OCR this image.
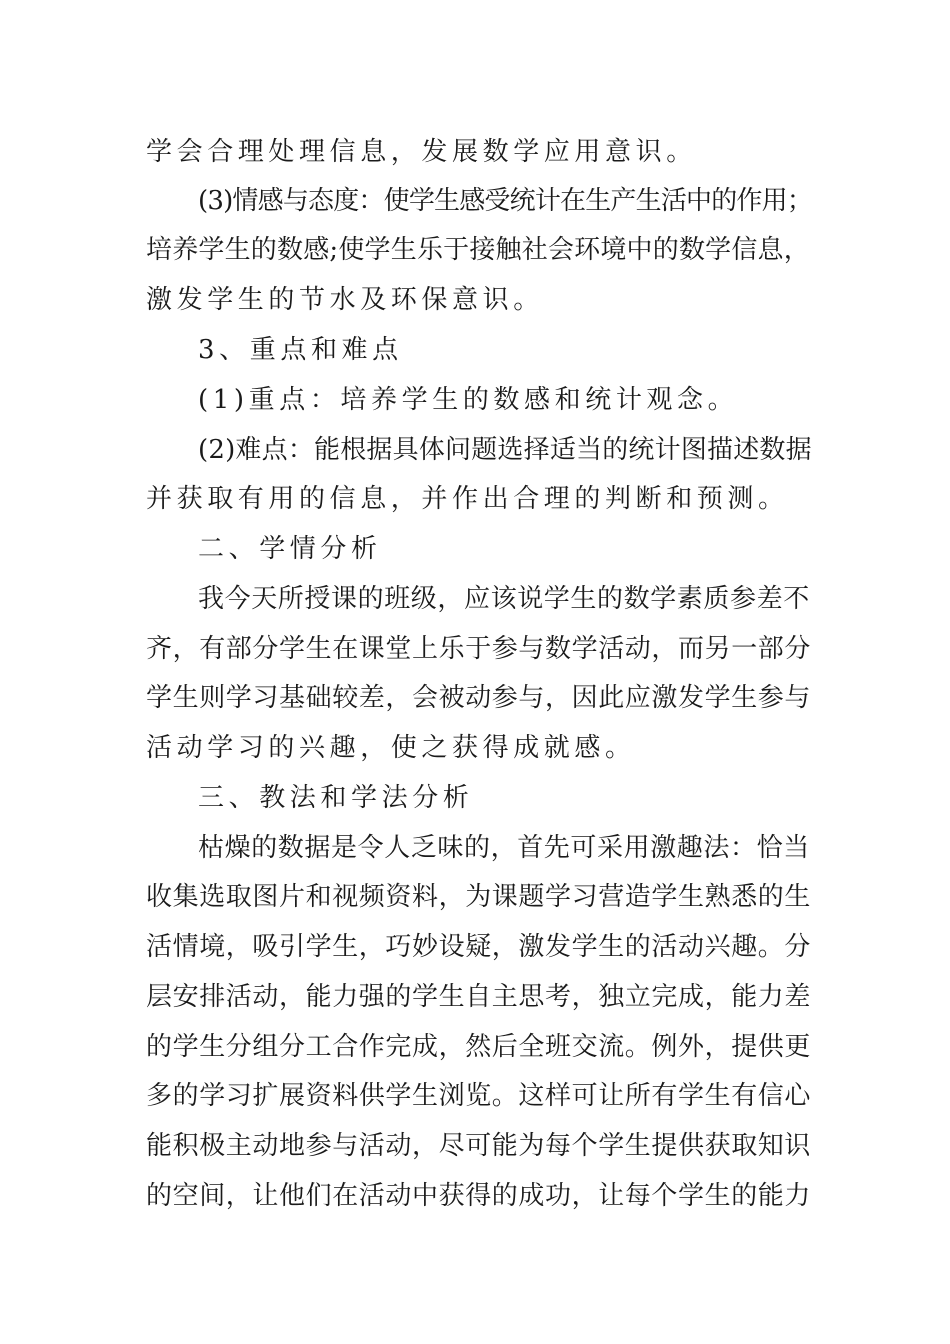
学会合理处理信息，发展数学应用意识。
(3)情感与态度：使学生感受统计在生产生活中的作用；
培养学生的数感;使学生乐于接触社会环境中的数学信息，
激发学生的节水及环保意识。
3、重点和难点
(1)重点：培养学生的数感和统计观念。
(2)难点：能根据具体问题选择适当的统计图描述数据
并获取有用的信息，并作出合理的判断和预测。
二、学情分析
我今天所授课的班级，应该说学生的数学素质参差不
齐，有部分学生在课堂上乐于参与数学活动，而另一部分
学生则学习基础较差，会被动参与，因此应激发学生参与
活动学习的兴趣，使之获得成就感。
三、教法和学法分析
枯燥的数据是令人乏味的，首先可采用激趣法：恰当
收集选取图片和视频资料，为课题学习营造学生熟悉的生
活情境，吸引学生，巧妙设疑，激发学生的活动兴趣。分
层安排活动，能力强的学生自主思考，独立完成，能力差
的学生分组分工合作完成，然后全班交流。例外，提供更
多的学习扩展资料供学生浏览。这样可让所有学生有信心
能积极主动地参与活动，尽可能为每个学生提供获取知识
的空间，让他们在活动中获得的成功，让每个学生的能力
